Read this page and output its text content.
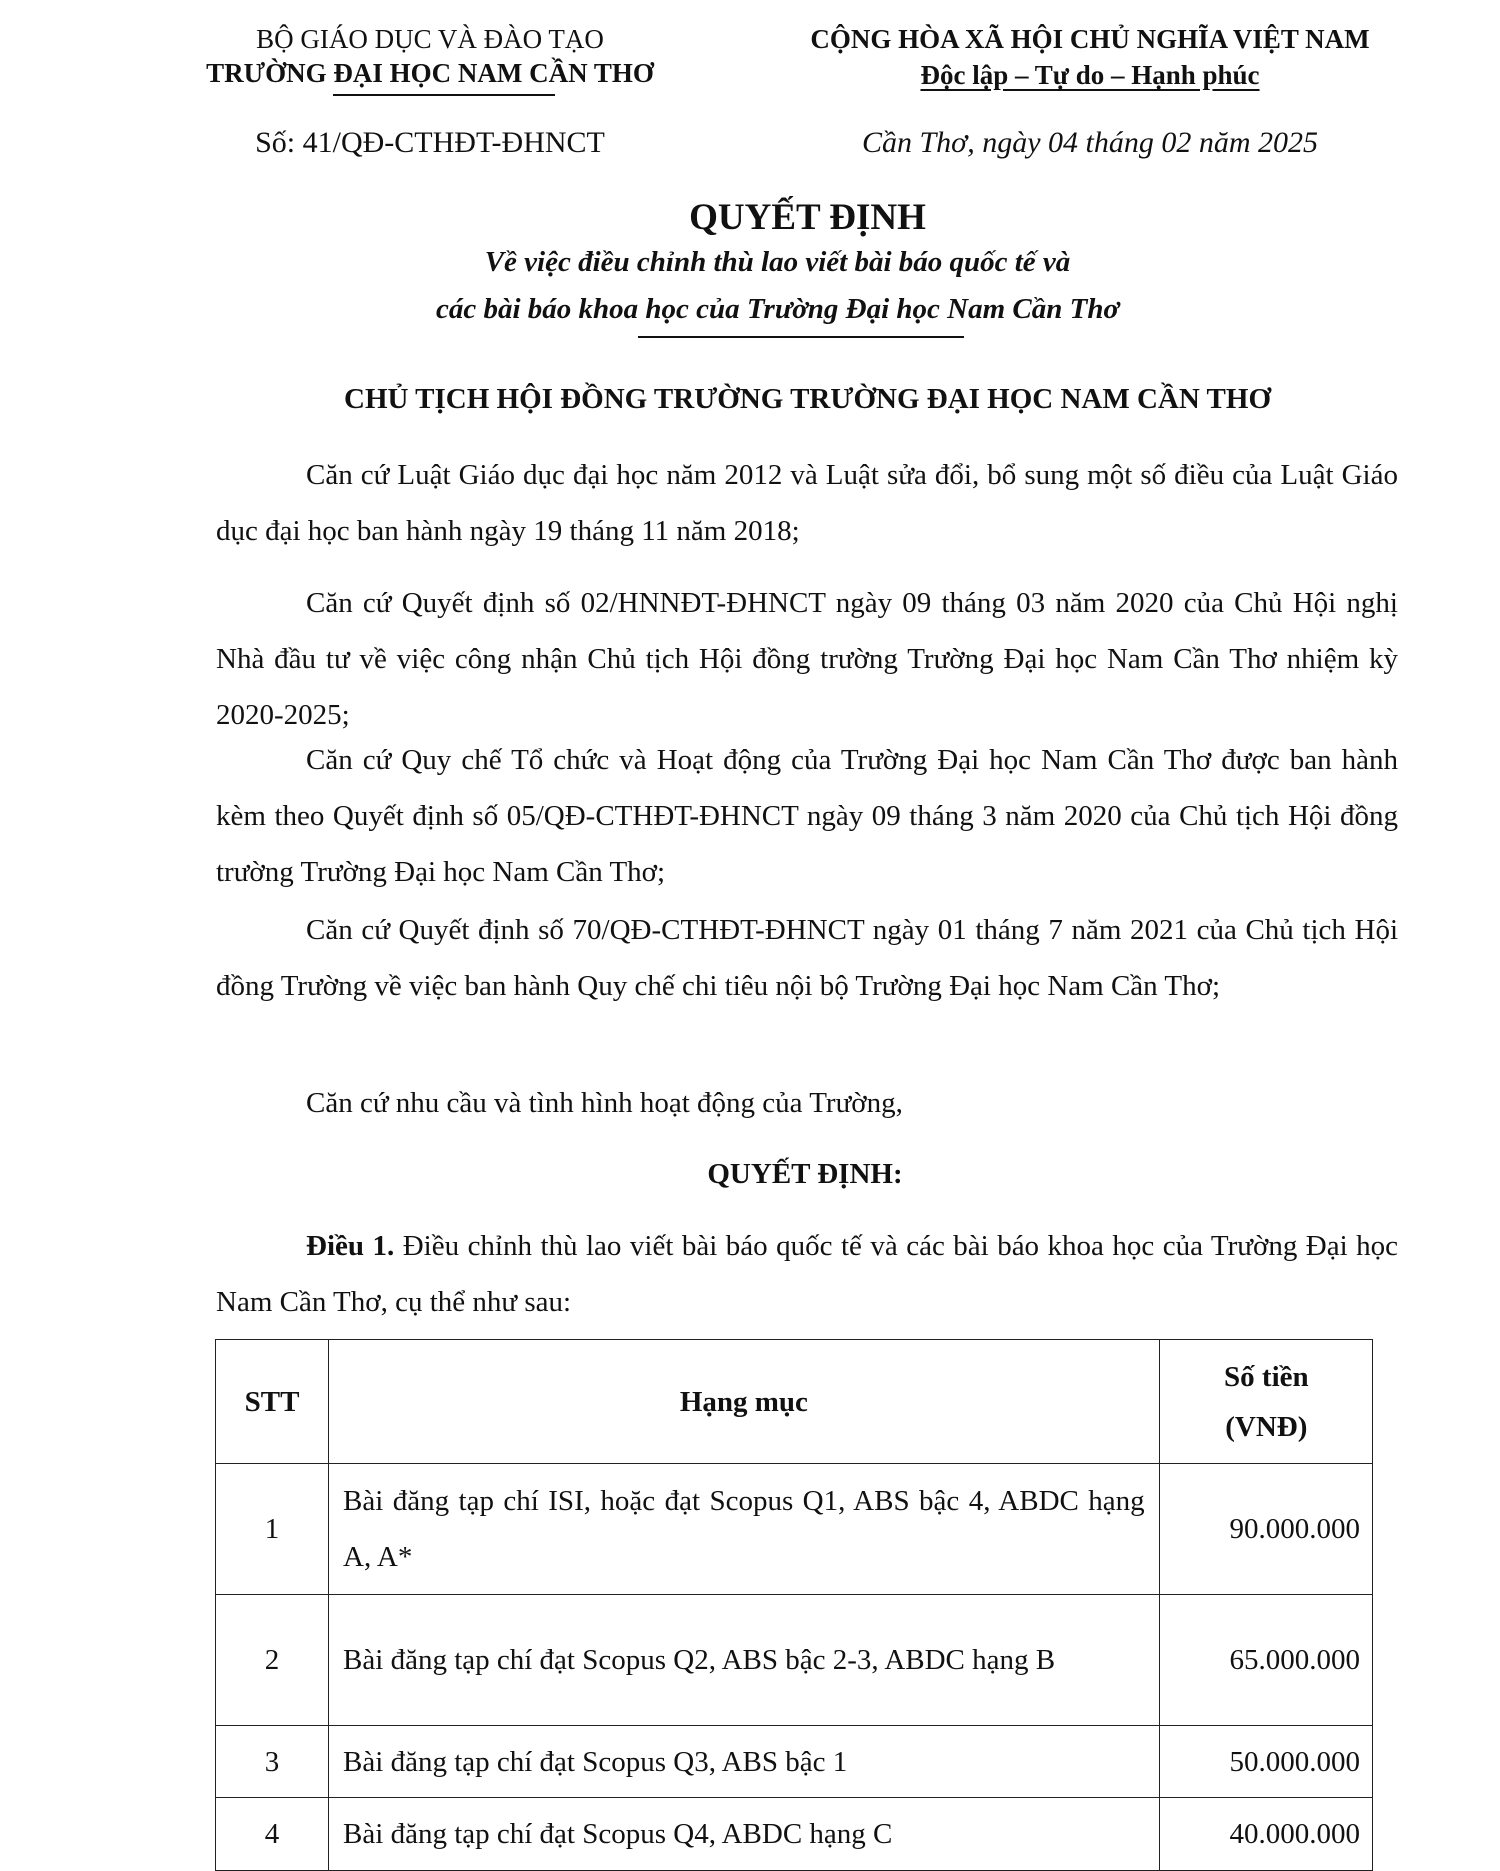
BỘ GIÁO DỤC VÀ ĐÀO TẠO
TRƯỜNG ĐẠI HỌC NAM CẦN THƠ
CỘNG HÒA XÃ HỘI CHỦ NGHĨA VIỆT NAM
Độc lập – Tự do – Hạnh phúc
Số: 41/QĐ-CTHĐT-ĐHNCT	Cần Thơ, ngày 04 tháng 02 năm 2025
QUYẾT ĐỊNH
Về việc điều chỉnh thù lao viết bài báo quốc tế và
các bài báo khoa học của Trường Đại học Nam Cần Thơ
CHỦ TỊCH HỘI ĐỒNG TRƯỜNG TRƯỜNG ĐẠI HỌC NAM CẦN THƠ

Căn cứ Luật Giáo dục đại học năm 2012 và Luật sửa đổi, bổ sung một số điều của Luật Giáo dục đại học ban hành ngày 19 tháng 11 năm 2018;

Căn cứ Quyết định số 02/HNNĐT-ĐHNCT ngày 09 tháng 03 năm 2020 của Chủ Hội nghị Nhà đầu tư về việc công nhận Chủ tịch Hội đồng trường Trường Đại học Nam Cần Thơ nhiệm kỳ 2020-2025;

Căn cứ Quy chế Tổ chức và Hoạt động của Trường Đại học Nam Cần Thơ được ban hành kèm theo Quyết định số 05/QĐ-CTHĐT-ĐHNCT ngày 09 tháng 3 năm 2020 của Chủ tịch Hội đồng trường Trường Đại học Nam Cần Thơ;

Căn cứ Quyết định số 70/QĐ-CTHĐT-ĐHNCT ngày 01 tháng 7 năm 2021 của Chủ tịch Hội đồng Trường về việc ban hành Quy chế chi tiêu nội bộ Trường Đại học Nam Cần Thơ;

Căn cứ nhu cầu và tình hình hoạt động của Trường,

QUYẾT ĐỊNH:

Điều 1. Điều chỉnh thù lao viết bài báo quốc tế và các bài báo khoa học của Trường Đại học Nam Cần Thơ, cụ thể như sau:

STT	Hạng mục	Số tiền
(VNĐ)

1	Bài đăng tạp chí ISI, hoặc đạt Scopus Q1, ABS bậc 4, ABDC hạng A, A*	90.000.000
2	Bài đăng tạp chí đạt Scopus Q2, ABS bậc 2-3, ABDC hạng B	65.000.000
3	Bài đăng tạp chí đạt Scopus Q3, ABS bậc 1	50.000.000
4	Bài đăng tạp chí đạt Scopus Q4, ABDC hạng C	40.000.000
